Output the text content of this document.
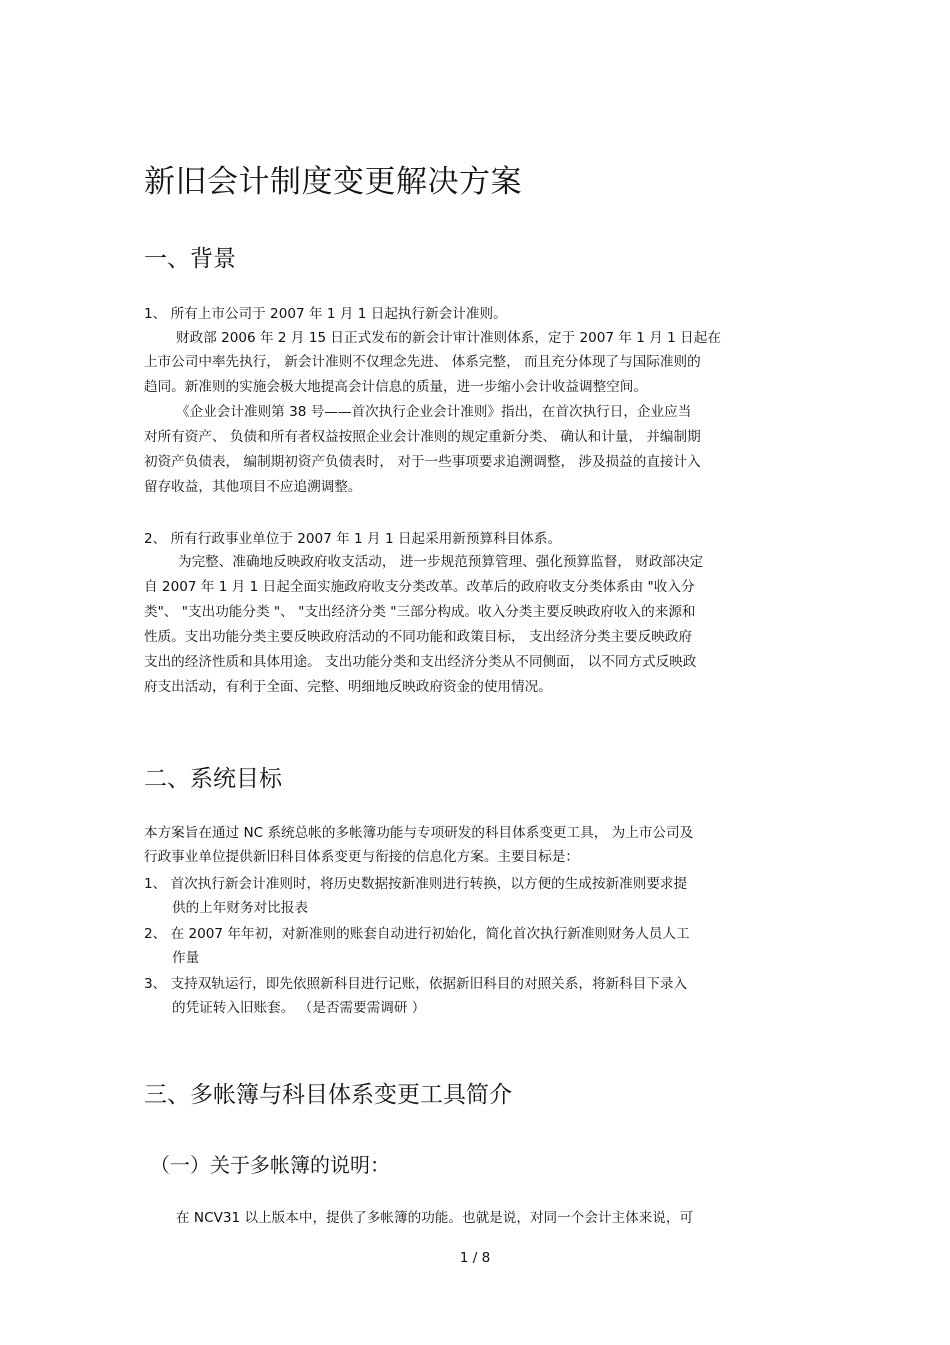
新旧会计制度变更解决方案
一、背景
1、 所有上市公司于 2007 年 1 月 1 日起执行新会计准则。
财政部 2006 年 2 月 15 日正式发布的新会计审计准则体系，定于 2007 年 1 月 1 日起在
上市公司中率先执行， 新会计准则不仅理念先进、 体系完整， 而且充分体现了与国际准则的
趋同。新准则的实施会极大地提高会计信息的质量，进一步缩小会计收益调整空间。
《企业会计准则第 38 号——首次执行企业会计准则》指出，在首次执行日，企业应当
对所有资产、 负债和所有者权益按照企业会计准则的规定重新分类、 确认和计量， 并编制期
初资产负债表， 编制期初资产负债表时， 对于一些事项要求追溯调整， 涉及损益的直接计入
留存收益，其他项目不应追溯调整。
2、 所有行政事业单位于 2007 年 1 月 1 日起采用新预算科目体系。
为完整、准确地反映政府收支活动， 进一步规范预算管理、强化预算监督， 财政部决定
自 2007 年 1 月 1 日起全面实施政府收支分类改革。改革后的政府收支分类体系由 "收入分
类"、 "支出功能分类 "、 "支出经济分类 "三部分构成。收入分类主要反映政府收入的来源和
性质。支出功能分类主要反映政府活动的不同功能和政策目标， 支出经济分类主要反映政府
支出的经济性质和具体用途。 支出功能分类和支出经济分类从不同侧面， 以不同方式反映政
府支出活动，有利于全面、完整、明细地反映政府资金的使用情况。
二、系统目标
本方案旨在通过 NC 系统总帐的多帐簿功能与专项研发的科目体系变更工具， 为上市公司及
行政事业单位提供新旧科目体系变更与衔接的信息化方案。主要目标是：
1、 首次执行新会计准则时，将历史数据按新准则进行转换，以方便的生成按新准则要求提
供的上年财务对比报表
2、 在 2007 年年初，对新准则的账套自动进行初始化，简化首次执行新准则财务人员人工
作量
3、 支持双轨运行，即先依照新科目进行记账，依据新旧科目的对照关系，将新科目下录入
的凭证转入旧账套。 （是否需要需调研 ）
三、多帐簿与科目体系变更工具简介
（一）关于多帐簿的说明：
在 NCV31 以上版本中，提供了多帐簿的功能。也就是说，对同一个会计主体来说，可
1 / 8
